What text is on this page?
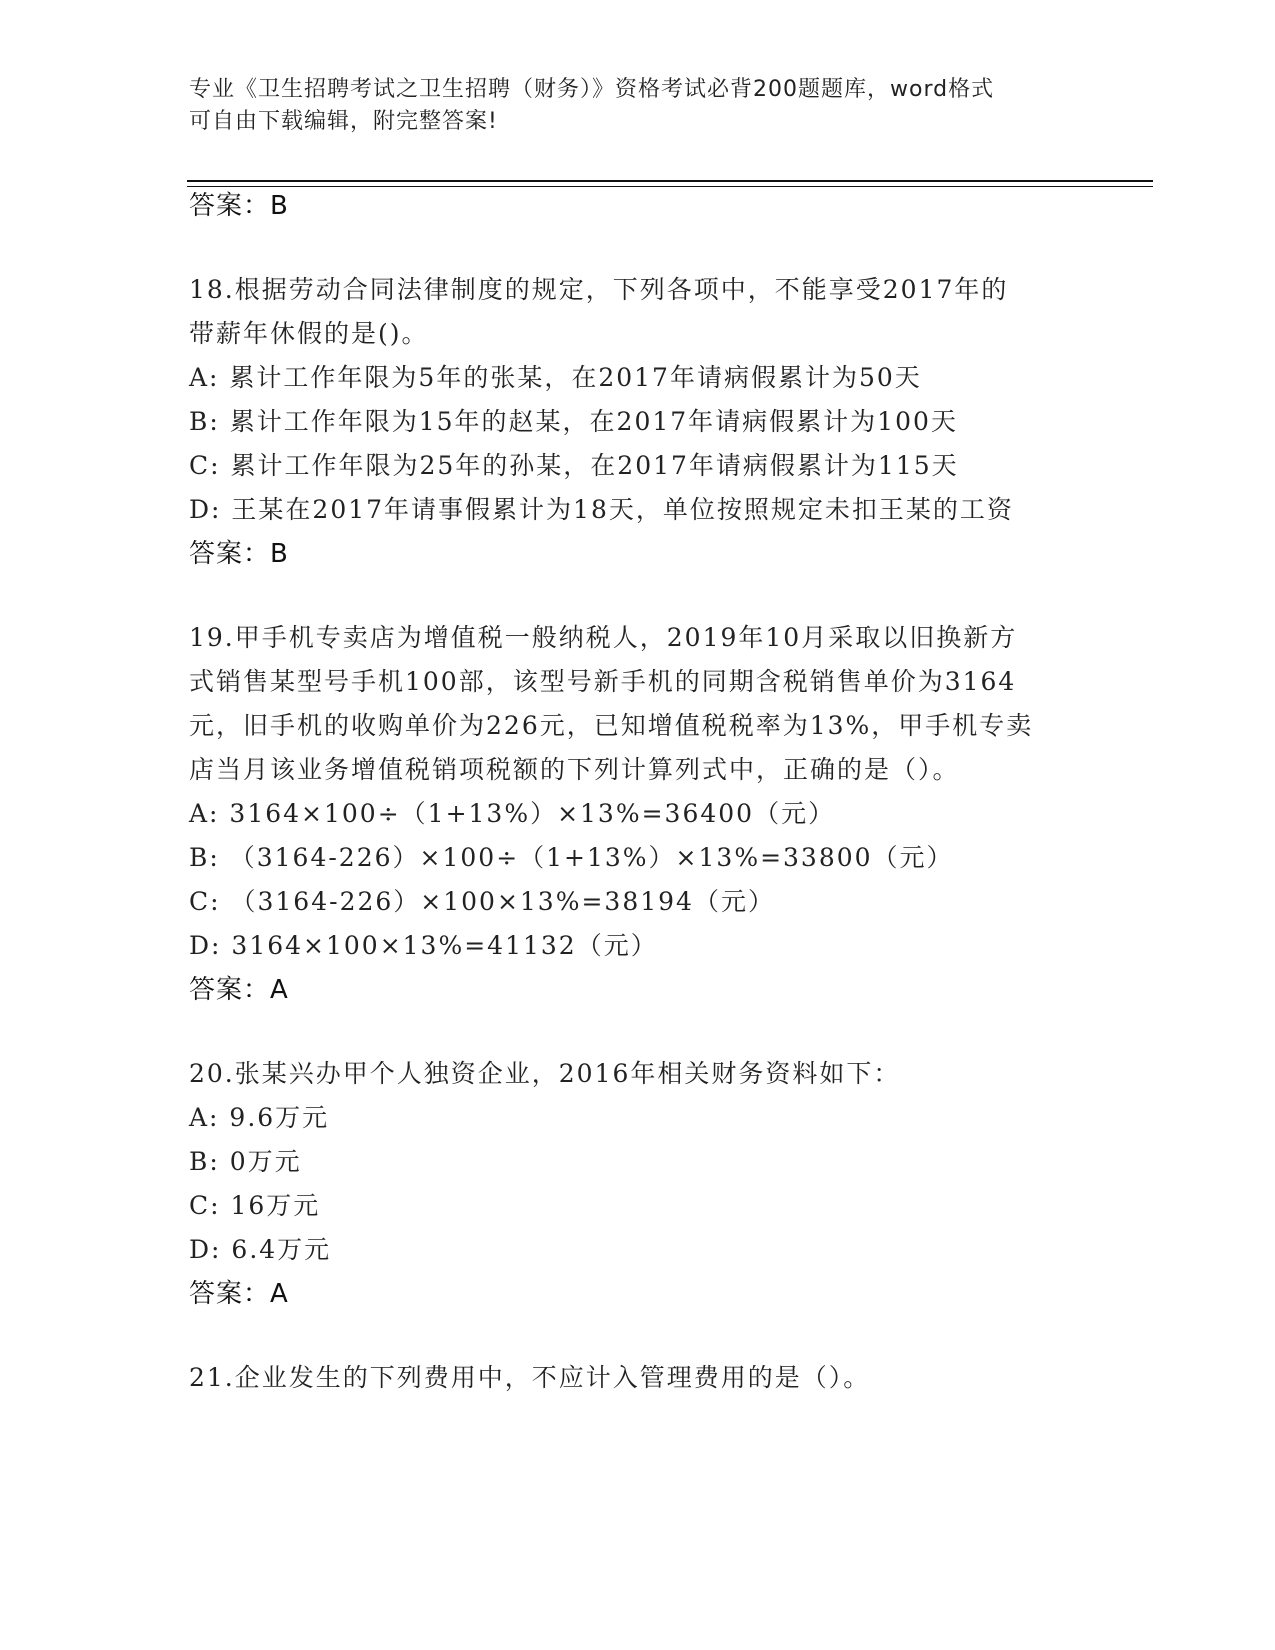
专业《卫生招聘考试之卫生招聘（财务）》资格考试必背200题题库，word格式
可自由下载编辑，附完整答案!
答案：B
18.根据劳动合同法律制度的规定，下列各项中，不能享受2017年的
带薪年休假的是()。
A: 累计工作年限为5年的张某，在2017年请病假累计为50天
B: 累计工作年限为15年的赵某，在2017年请病假累计为100天
C: 累计工作年限为25年的孙某，在2017年请病假累计为115天
D: 王某在2017年请事假累计为18天，单位按照规定未扣王某的工资
答案：B
19.甲手机专卖店为增值税一般纳税人，2019年10月采取以旧换新方
式销售某型号手机100部，该型号新手机的同期含税销售单价为3164
元，旧手机的收购单价为226元，已知增值税税率为13%，甲手机专卖
店当月该业务增值税销项税额的下列计算列式中，正确的是（）。
A: 3164×100÷（1+13%）×13%=36400（元）
B: （3164-226）×100÷（1+13%）×13%=33800（元）
C: （3164-226）×100×13%=38194（元）
D: 3164×100×13%=41132（元）
答案：A
20.张某兴办甲个人独资企业，2016年相关财务资料如下：
A: 9.6万元
B: 0万元
C: 16万元
D: 6.4万元
答案：A
21.企业发生的下列费用中，不应计入管理费用的是（）。
